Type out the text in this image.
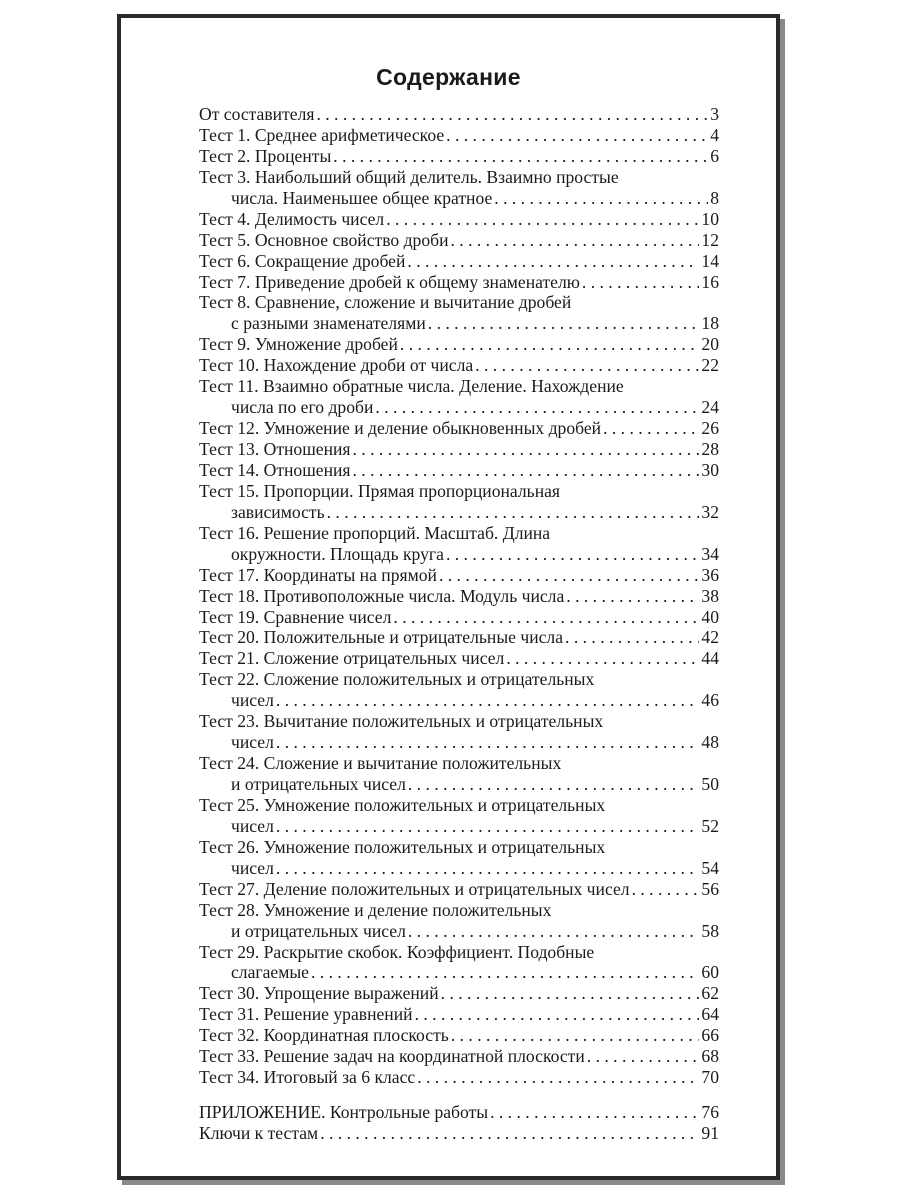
Содержание
От составителя . . .	3
Тест 1. Среднее арифметическое . . .	4
Тест 2. Проценты . . .	6
Тест 3. Наибольший общий делитель. Взаимно простые
числа. Наименьшее общее кратное . . .	8
Тест 4. Делимость чисел . . .	10
Тест 5. Основное свойство дроби . . .	12
Тест 6. Сокращение дробей . . .	14
Тест 7. Приведение дробей к общему знаменателю . . .	16
Тест 8. Сравнение, сложение и вычитание дробей
с разными знаменателями . . .	18
Тест 9. Умножение дробей . . .	20
Тест 10. Нахождение дроби от числа . . .	22
Тест 11. Взаимно обратные числа. Деление. Нахождение
числа по его дроби . . .	24
Тест 12. Умножение и деление обыкновенных дробей . . .	26
Тест 13. Отношения . . .	28
Тест 14. Отношения . . .	30
Тест 15. Пропорции. Прямая пропорциональная
зависимость . . .	32
Тест 16. Решение пропорций. Масштаб. Длина
окружности. Площадь круга . . .	34
Тест 17. Координаты на прямой . . .	36
Тест 18. Противоположные числа. Модуль числа . . .	38
Тест 19. Сравнение чисел . . .	40
Тест 20. Положительные и отрицательные числа . . .	42
Тест 21. Сложение отрицательных чисел . . .	44
Тест 22. Сложение положительных и отрицательных
чисел . . .	46
Тест 23. Вычитание положительных и отрицательных
чисел . . .	48
Тест 24. Сложение и вычитание положительных
и отрицательных чисел . . .	50
Тест 25. Умножение положительных и отрицательных
чисел . . .	52
Тест 26. Умножение положительных и отрицательных
чисел . . .	54
Тест 27. Деление положительных и отрицательных чисел . . .	56
Тест 28. Умножение и деление положительных
и отрицательных чисел . . .	58
Тест 29. Раскрытие скобок. Коэффициент. Подобные
слагаемые . . .	60
Тест 30. Упрощение выражений . . .	62
Тест 31. Решение уравнений . . .	64
Тест 32. Координатная плоскость . . .	66
Тест 33. Решение задач на координатной плоскости . . .	68
Тест 34. Итоговый за 6 класс . . .	70
ПРИЛОЖЕНИЕ. Контрольные работы . . .	76
Ключи к тестам . . .	91
